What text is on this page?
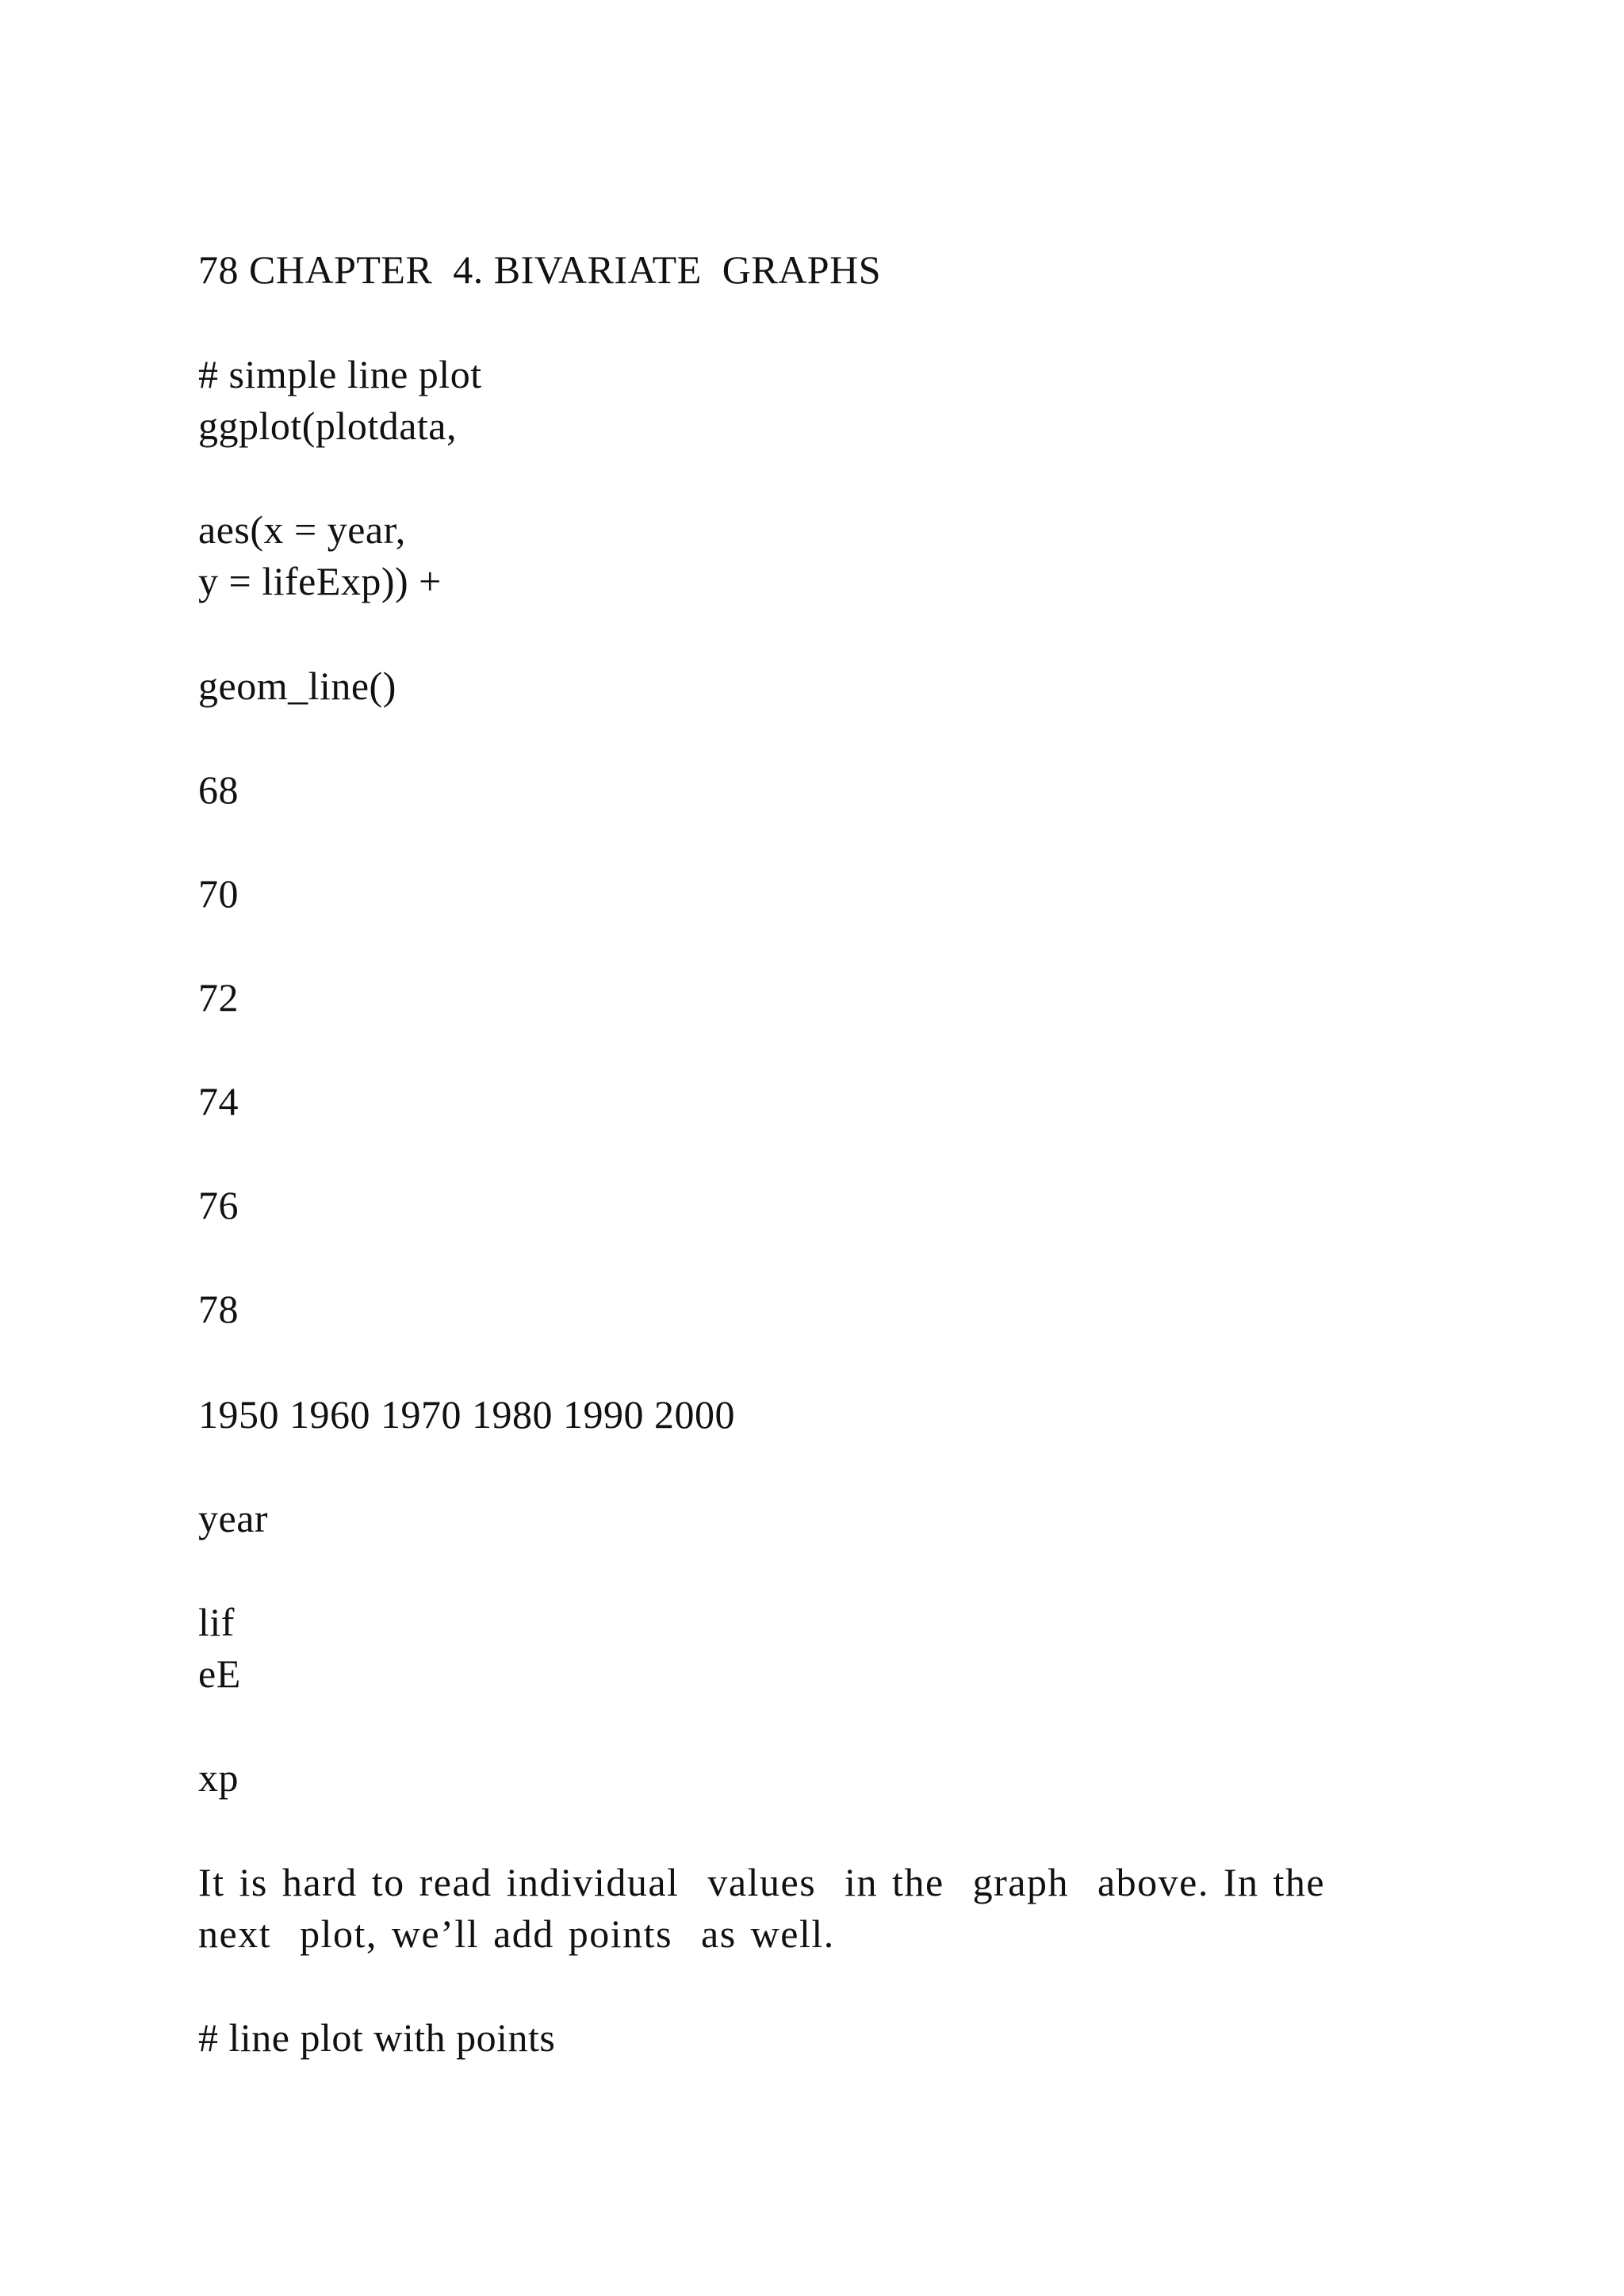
78 CHAPTER  4. BIVARIATE  GRAPHS
# simple line plot
ggplot(plotdata,
aes(x = year,
y = lifeExp)) +
geom_line()
68
70
72
74
76
78
1950 1960 1970 1980 1990 2000
year
lif
eE
xp
It is hard to read individual  values  in the  graph  above. In the
next  plot, we’ll add points  as well.
# line plot with points
